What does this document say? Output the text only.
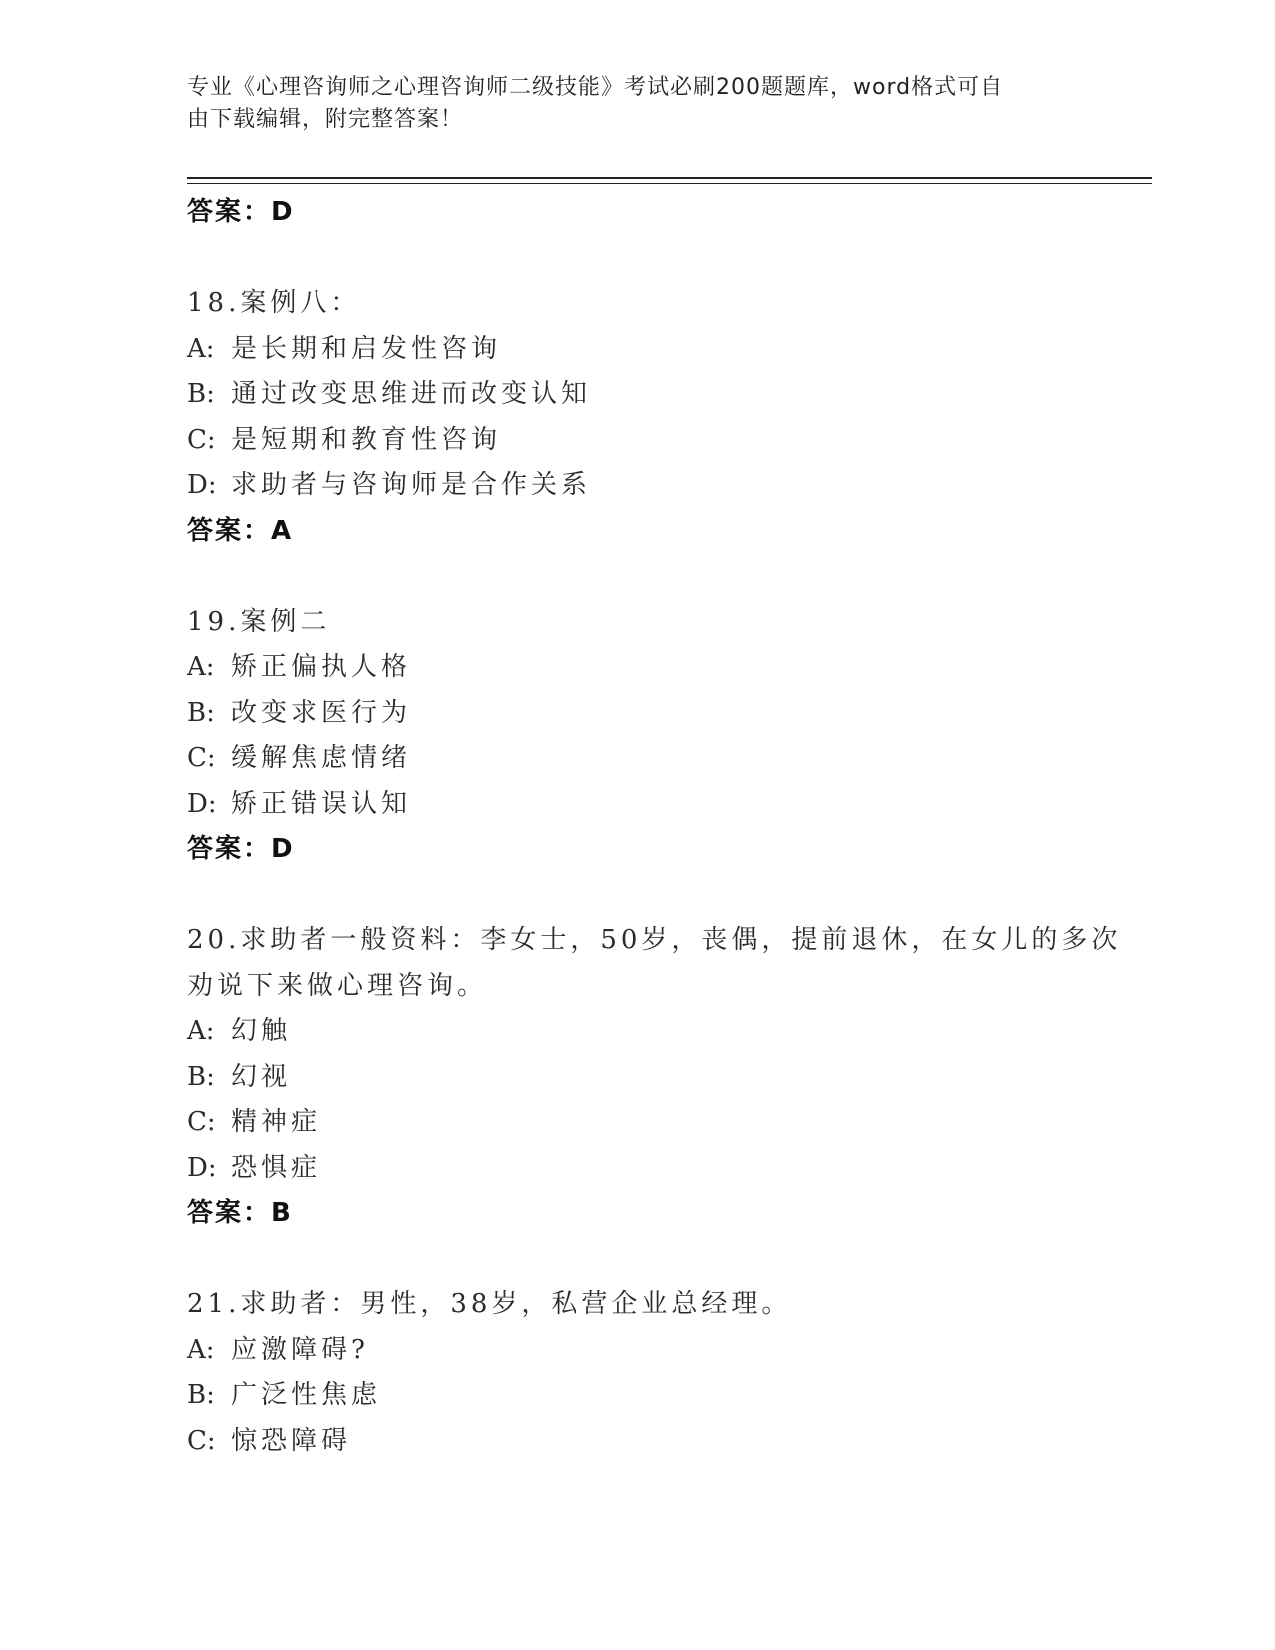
专业《心理咨询师之心理咨询师二级技能》考试必刷200题题库，word格式可自
由下载编辑，附完整答案！
答案：D
18.案例八：
A: 是长期和启发性咨询
B: 通过改变思维进而改变认知
C: 是短期和教育性咨询
D: 求助者与咨询师是合作关系
答案：A
19.案例二
A: 矫正偏执人格
B: 改变求医行为
C: 缓解焦虑情绪
D: 矫正错误认知
答案：D
20.求助者一般资料：李女士，50岁，丧偶，提前退休，在女儿的多次
劝说下来做心理咨询。
A: 幻触
B: 幻视
C: 精神症
D: 恐惧症
答案：B
21.求助者：男性，38岁，私营企业总经理。
A: 应激障碍?
B: 广泛性焦虑
C: 惊恐障碍
